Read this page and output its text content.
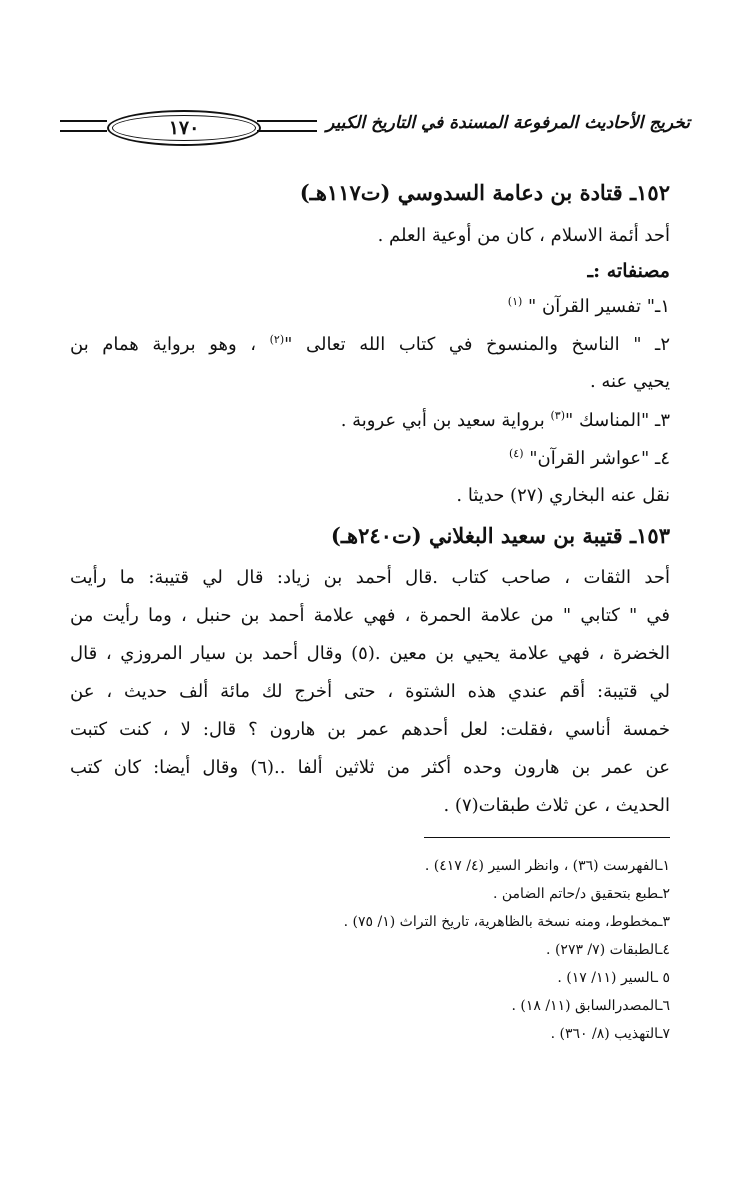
١٧٠	تخريج الأحاديث المرفوعة المسندة في التاريخ الكبير
١٥٢ـ قتادة بن دعامة السدوسي (ت١١٧هـ)
أحد أئمة الاسلام ، كان من أوعية العلم .
مصنفاته :ـ
١ـ" تفسير القرآن " $^{(١)}$
٢ـ " الناسخ والمنسوخ في كتاب الله تعالى "$^{(٢)}$ ، وهو برواية همام بن
يحيي عنه .
٣ـ "المناسك "$^{(٣)}$ برواية سعيد بن أبي عروبة .
٤ـ "عواشر القرآن" $^{(٤)}$
نقل عنه البخاري (٢٧) حديثا .
١٥٣ـ قتيبة بن سعيد البغلاني (ت٢٤٠هـ)
أحد الثقات ، صاحب كتاب .قال أحمد بن زياد: قال لي قتيبة: ما رأيت
في " كتابي " من علامة الحمرة ، فهي علامة أحمد بن حنبل ، وما رأيت من
الخضرة ، فهي علامة يحيي بن معين .(٥) وقال أحمد بن سيار المروزي ، قال
لي قتيبة: أقم عندي هذه الشتوة ، حتى أخرج لك مائة ألف حديث ، عن
خمسة أناسي ،فقلت: لعل أحدهم عمر بن هارون ؟ قال: لا ، كنت كتبت
عن عمر بن هارون وحده أكثر من ثلاثين ألفا ..(٦) وقال أيضا: كان كتب
الحديث ، عن ثلاث طبقات(٧) .
١ـالفهرست (٣٦) ، وانظر السير (٤/ ٤١٧) .
٢ـطبع بتحقيق د/حاتم الضامن .
٣ـمخطوط، ومنه نسخة بالظاهرية، تاريخ التراث (١/ ٧٥) .
٤ـالطبقات (٧/ ٢٧٣) .
٥ ـالسير (١١/ ١٧) .
٦ـالمصدرالسابق (١١/ ١٨) .
٧ـالتهذيب (٨/ ٣٦٠) .
